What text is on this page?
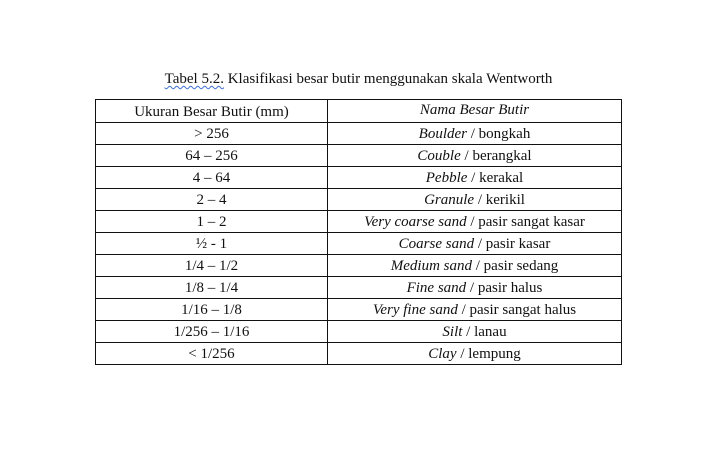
Tabel 5.2. Klasifikasi besar butir menggunakan skala Wentworth
Ukuran Besar Butir (mm)	Nama Besar Butir

> 256	Boulder / bongkah
64 – 256	Couble / berangkal
4 – 64	Pebble / kerakal
2 – 4	Granule / kerikil
1 – 2	Very coarse sand / pasir sangat kasar
½ - 1	Coarse sand / pasir kasar
1/4 – 1/2	Medium sand / pasir sedang
1/8 – 1/4	Fine sand / pasir halus
1/16 – 1/8	Very fine sand / pasir sangat halus
1/256 – 1/16	Silt / lanau
< 1/256	Clay / lempung
